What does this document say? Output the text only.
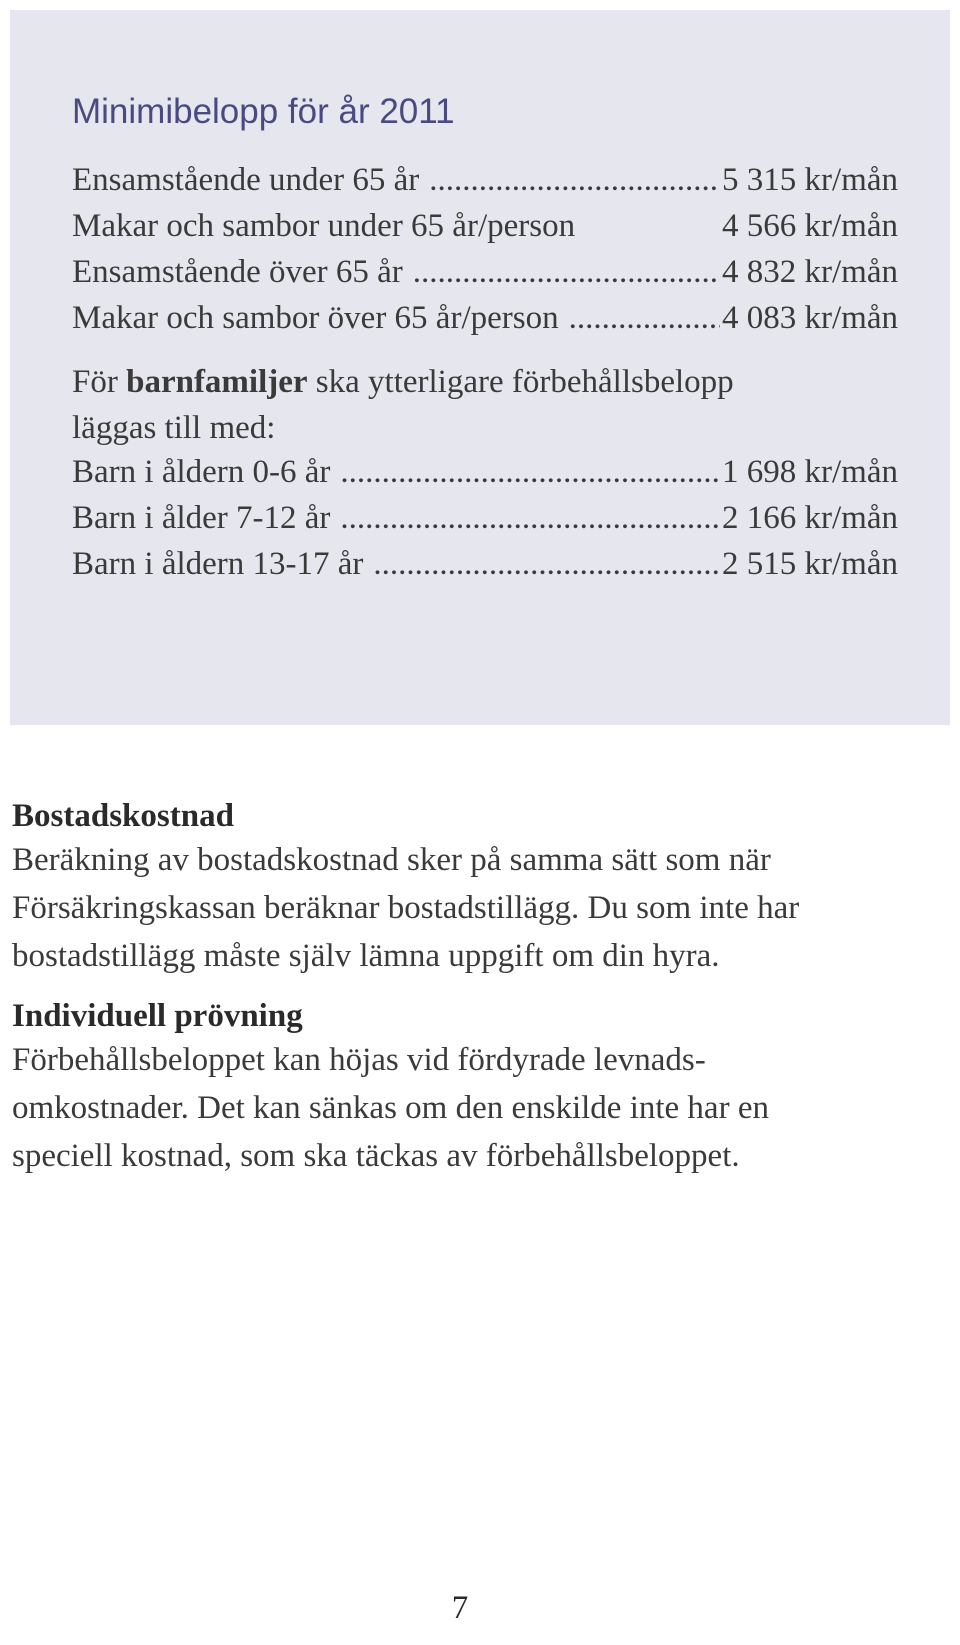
Minimibelopp för år 2011
Ensamstående under 65 år .....	5 315 kr/mån
Makar och sambor under 65 år/person	4 566 kr/mån
Ensamstående över 65 år .....	4 832 kr/mån
Makar och sambor över 65 år/person .....	4 083 kr/mån
För barnfamiljer ska ytterligare förbehållsbelopp
läggas till med:
Barn i åldern 0-6 år .....	1 698 kr/mån
Barn i ålder 7-12 år .....	2 166 kr/mån
Barn i åldern 13-17 år .....	2 515 kr/mån
Bostadskostnad
Beräkning av bostadskostnad sker på samma sätt som när
Försäkringskassan beräknar bostadstillägg. Du som inte har
bostadstillägg måste själv lämna uppgift om din hyra.
Individuell prövning
Förbehållsbeloppet kan höjas vid fördyrade levnads-
omkostnader. Det kan sänkas om den enskilde inte har en
speciell kostnad, som ska täckas av förbehållsbeloppet.
7
